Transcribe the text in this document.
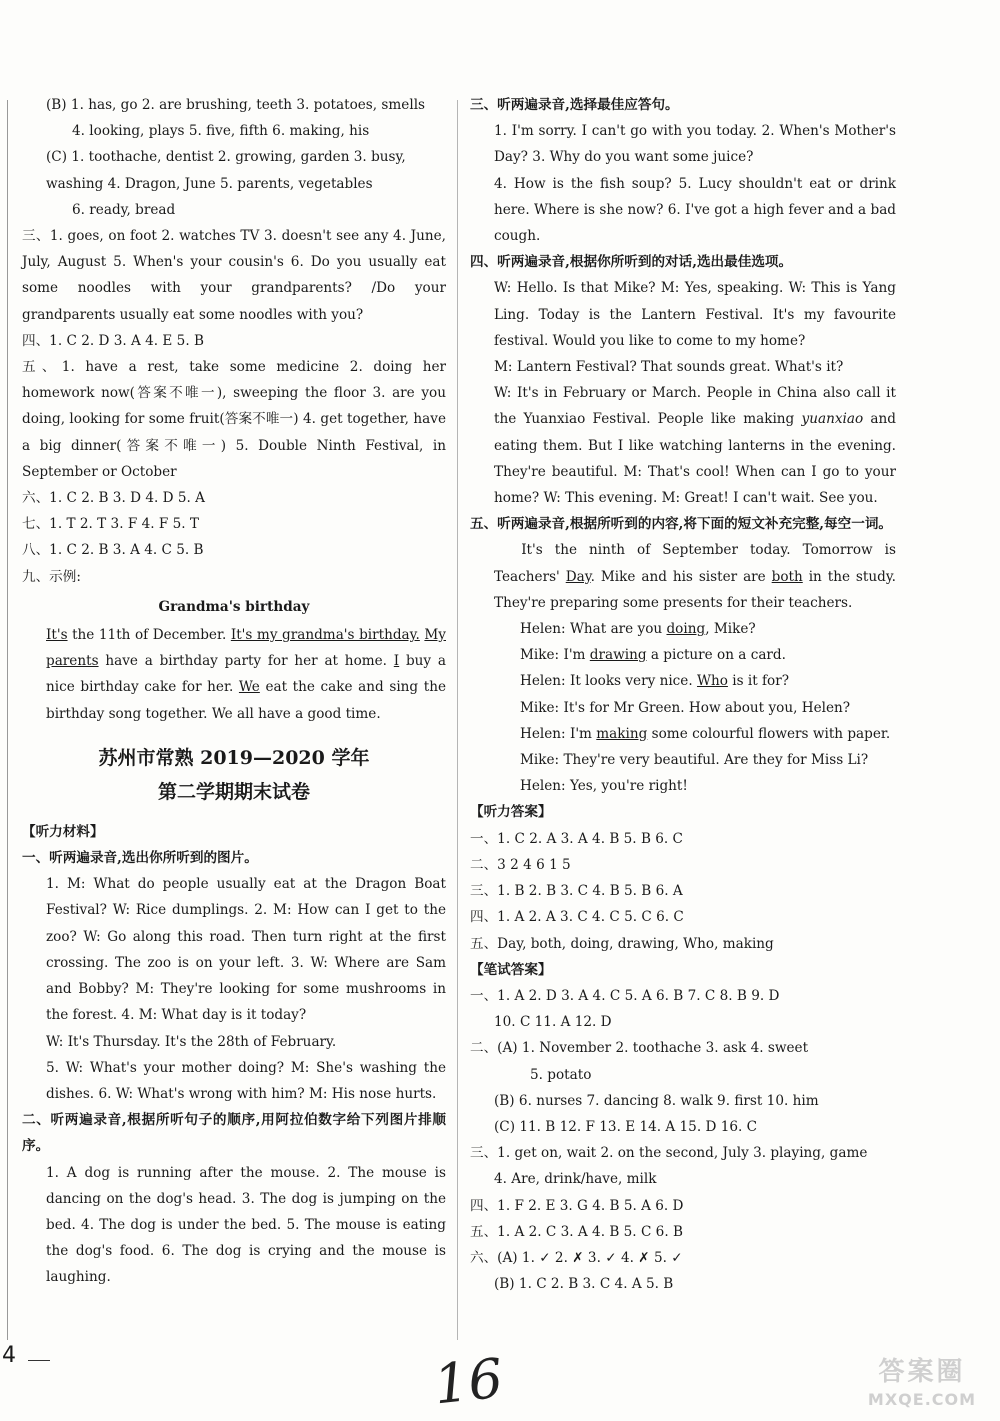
(B) 1. has, go 2. are brushing, teeth 3. potatoes, smells
4. looking, plays 5. five, fifth 6. making, his
(C) 1. toothache, dentist 2. growing, garden 3. busy,
washing 4. Dragon, June 5. parents, vegetables
6. ready, bread

三、1. goes, on foot 2. watches TV 3. doesn't see any 4. June, July, August 5. When's your cousin's 6. Do you usually eat some noodles with your grandparents? /Do your grandparents usually eat some noodles with you?

四、1. C 2. D 3. A 4. E 5. B

五、1. have a rest, take some medicine 2. doing her homework now(答案不唯一), sweeping the floor 3. are you doing, looking for some fruit(答案不唯一) 4. get together, have a big dinner(答案不唯一) 5. Double Ninth Festival, in September or October

六、1. C 2. B 3. D 4. D 5. A
七、1. T 2. T 3. F 4. F 5. T
八、1. C 2. B 3. A 4. C 5. B
九、示例:
Grandma's birthday

It's the 11th of December. It's my grandma's birthday. My parents have a birthday party for her at home. I buy a nice birthday cake for her. We eat the cake and sing the birthday song together. We all have a good time.

苏州市常熟 2019—2020 学年
第二学期期末试卷
【听力材料】
一、听两遍录音,选出你所听到的图片。

1. M: What do people usually eat at the Dragon Boat Festival? W: Rice dumplings. 2. M: How can I get to the zoo? W: Go along this road. Then turn right at the first crossing. The zoo is on your left. 3. W: Where are Sam and Bobby? M: They're looking for some mushrooms in the forest. 4. M: What day is it today?

W: It's Thursday. It's the 28th of February.

5. W: What's your mother doing? M: She's washing the dishes. 6. W: What's wrong with him? M: His nose hurts.

二、听两遍录音,根据所听句子的顺序,用阿拉伯数字给下列图片排顺序。

1. A dog is running after the mouse. 2. The mouse is dancing on the dog's head. 3. The dog is jumping on the bed. 4. The dog is under the bed. 5. The mouse is eating the dog's food. 6. The dog is crying and the mouse is laughing.

三、听两遍录音,选择最佳应答句。

1. I'm sorry. I can't go with you today. 2. When's Mother's Day? 3. Why do you want some juice?

4. How is the fish soup? 5. Lucy shouldn't eat or drink here. Where is she now? 6. I've got a high fever and a bad cough.

四、听两遍录音,根据你所听到的对话,选出最佳选项。

W: Hello. Is that Mike? M: Yes, speaking. W: This is Yang Ling. Today is the Lantern Festival. It's my favourite festival. Would you like to come to my home?

M: Lantern Festival? That sounds great. What's it?

W: It's in February or March. People in China also call it the Yuanxiao Festival. People like making yuanxiao and eating them. But I like watching lanterns in the evening. They're beautiful. M: That's cool! When can I go to your home? W: This evening. M: Great! I can't wait. See you.

五、听两遍录音,根据所听到的内容,将下面的短文补充完整,每空一词。

It's the ninth of September today. Tomorrow is Teachers' Day. Mike and his sister are both in the study. They're preparing some presents for their teachers.

Helen: What are you doing, Mike?
Mike: I'm drawing a picture on a card.
Helen: It looks very nice. Who is it for?
Mike: It's for Mr Green. How about you, Helen?
Helen: I'm making some colourful flowers with paper.
Mike: They're very beautiful. Are they for Miss Li?
Helen: Yes, you're right!
【听力答案】
一、1. C 2. A 3. A 4. B 5. B 6. C
二、3 2 4 6 1 5
三、1. B 2. B 3. C 4. B 5. B 6. A
四、1. A 2. A 3. C 4. C 5. C 6. C
五、Day, both, doing, drawing, Who, making
【笔试答案】
一、1. A 2. D 3. A 4. C 5. A 6. B 7. C 8. B 9. D
10. C 11. A 12. D
二、(A) 1. November 2. toothache 3. ask 4. sweet
5. potato
(B) 6. nurses 7. dancing 8. walk 9. first 10. him
(C) 11. B 12. F 13. E 14. A 15. D 16. C
三、1. get on, wait 2. on the second, July 3. playing, game
4. Are, drink/have, milk
四、1. F 2. E 3. G 4. B 5. A 6. D
五、1. A 2. C 3. A 4. B 5. C 6. B
六、(A) 1. ✓ 2. ✗ 3. ✓ 4. ✗ 5. ✓
(B) 1. C 2. B 3. C 4. A 5. B
4	16	答案圈
MXQE.COM
